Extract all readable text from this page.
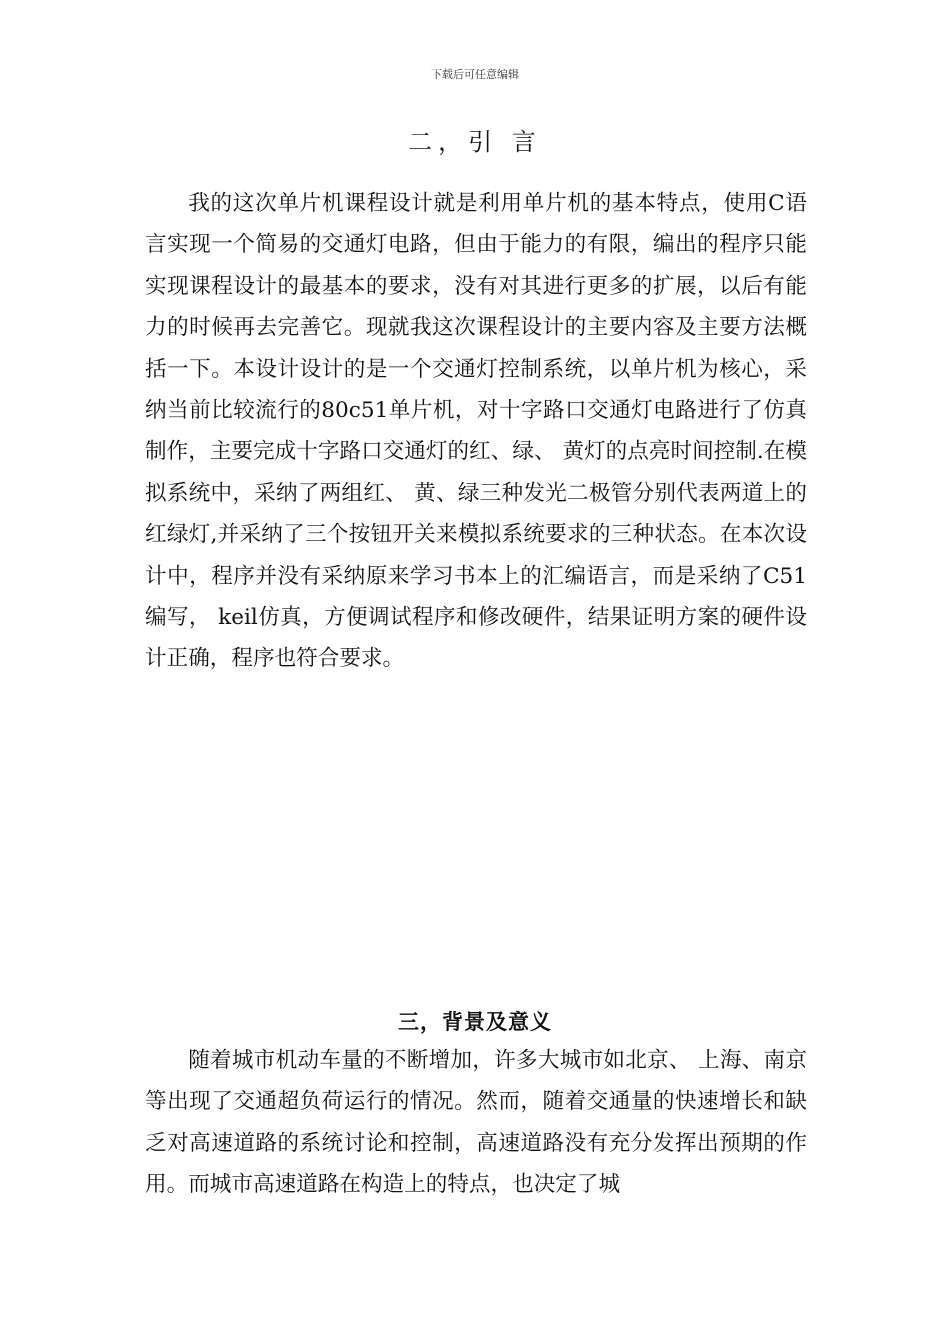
下载后可任意编辑
二，引 言

我的这次单片机课程设计就是利用单片机的基本特点，使用C语言实现一个简易的交通灯电路，但由于能力的有限，编出的程序只能实现课程设计的最基本的要求，没有对其进行更多的扩展，以后有能力的时候再去完善它。现就我这次课程设计的主要内容及主要方法概括一下。本设计设计的是一个交通灯控制系统，以单片机为核心，采纳当前比较流行的80c51单片机，对十字路口交通灯电路进行了仿真制作，主要完成十字路口交通灯的红、绿、 黄灯的点亮时间控制.在模拟系统中，采纳了两组红、 黄、绿三种发光二极管分别代表两道上的红绿灯,并采纳了三个按钮开关来模拟系统要求的三种状态。在本次设计中，程序并没有采纳原来学习书本上的汇编语言，而是采纳了C51编写， keil仿真，方便调试程序和修改硬件，结果证明方案的硬件设计正确，程序也符合要求。

三，背景及意义

随着城市机动车量的不断增加，许多大城市如北京、 上海、南京等出现了交通超负荷运行的情况。然而，随着交通量的快速增长和缺乏对高速道路的系统讨论和控制，高速道路没有充分发挥出预期的作用。而城市高速道路在构造上的特点，也决定了城
